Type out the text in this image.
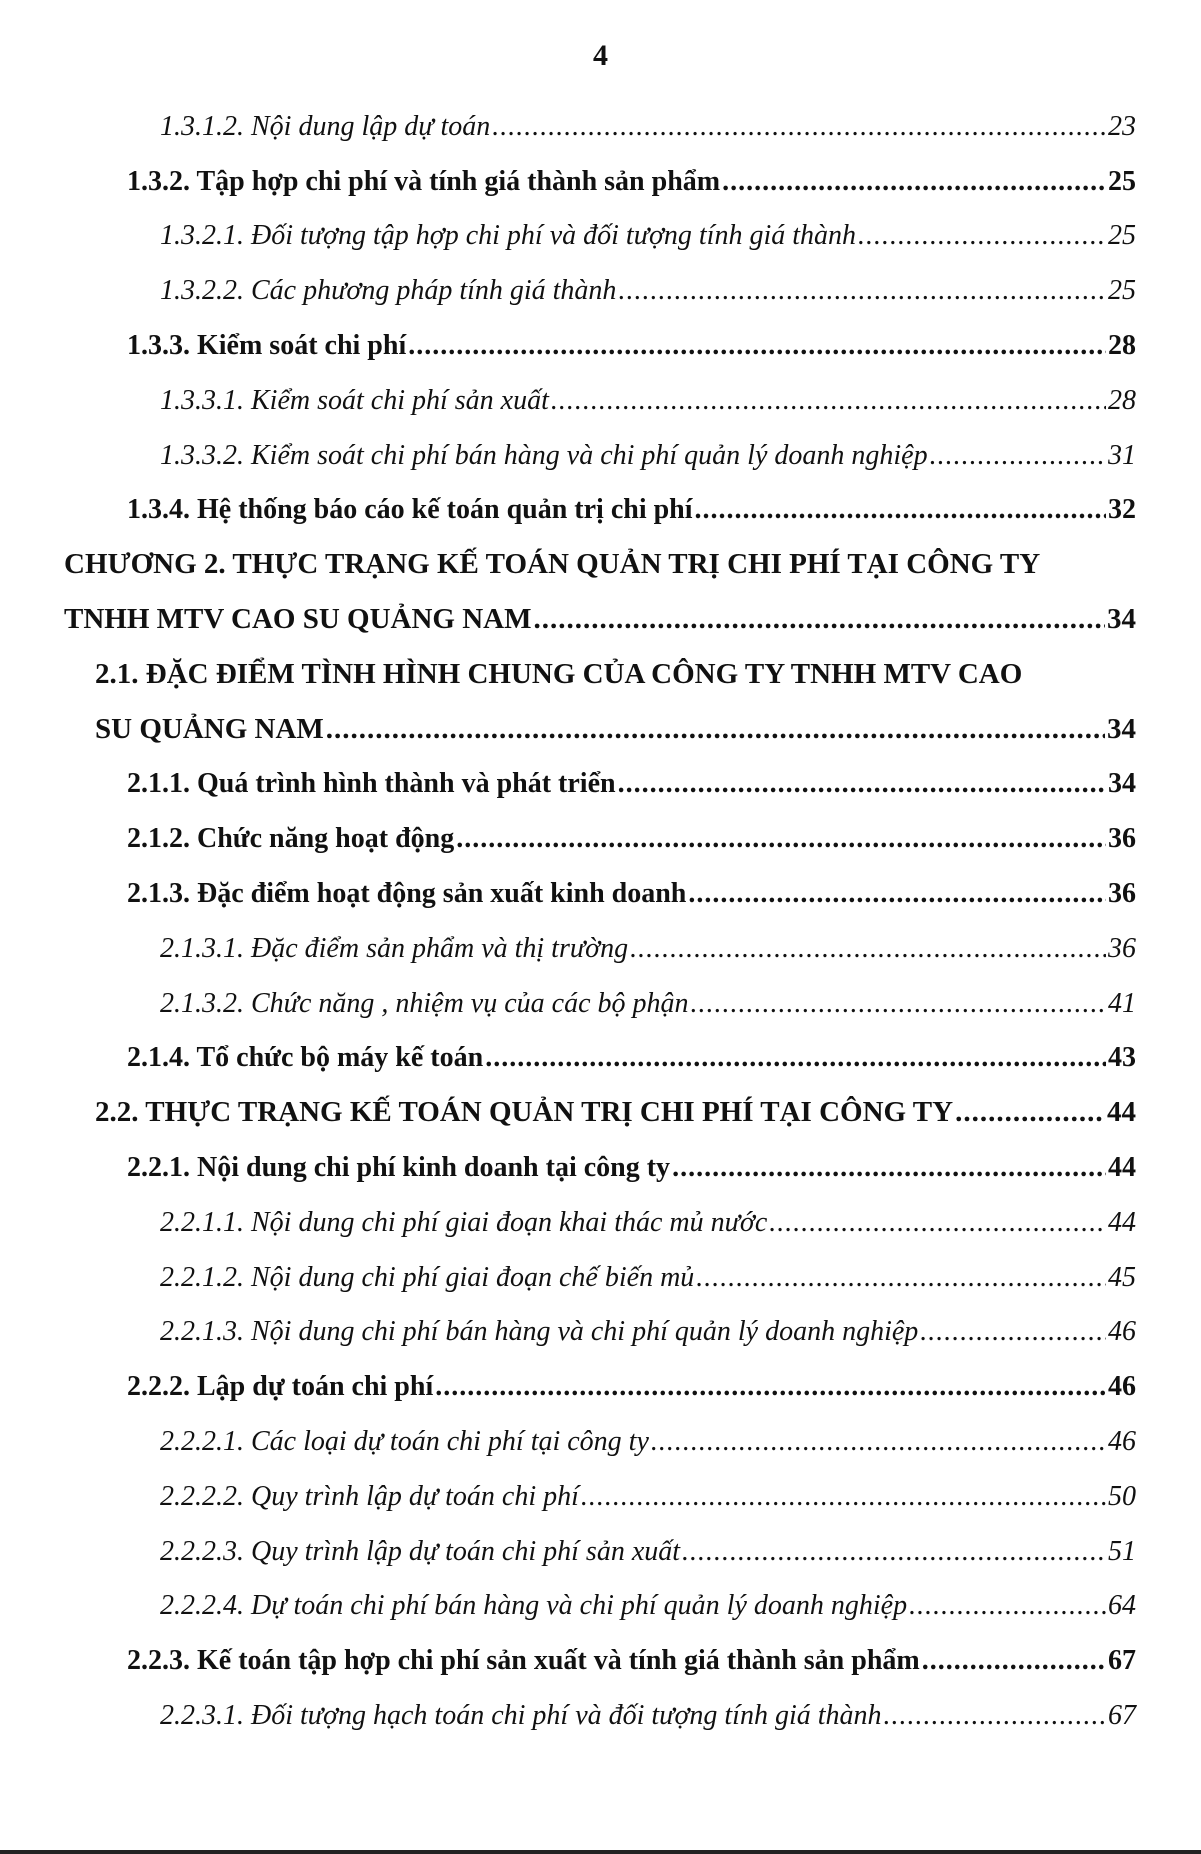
4
1.3.1.2. Nội dung lập dự toán .....	23
1.3.2. Tập hợp chi phí và tính giá thành sản phẩm .....	25
1.3.2.1. Đối tượng tập hợp chi phí và đối tượng tính giá thành .....	25
1.3.2.2. Các phương pháp tính giá thành .....	25
1.3.3. Kiểm soát chi phí .....	28
1.3.3.1. Kiểm soát chi phí sản xuất .....	28
1.3.3.2. Kiểm soát chi phí bán hàng và chi phí quản lý doanh nghiệp .....	31
1.3.4. Hệ thống báo cáo kế toán quản trị chi phí .....	32
CHƯƠNG 2. THỰC TRẠNG KẾ TOÁN QUẢN TRỊ CHI PHÍ TẠI CÔNG TY
TNHH MTV CAO SU QUẢNG NAM .....	34
2.1. ĐẶC ĐIỂM TÌNH HÌNH CHUNG CỦA CÔNG TY TNHH MTV CAO
SU QUẢNG NAM .....	34
2.1.1. Quá trình hình thành và phát triển .....	34
2.1.2. Chức năng hoạt động .....	36
2.1.3. Đặc điểm hoạt động sản xuất kinh doanh .....	36
2.1.3.1. Đặc điểm sản phẩm và thị trường .....	36
2.1.3.2. Chức năng , nhiệm vụ của các bộ phận .....	41
2.1.4. Tổ chức bộ máy kế toán .....	43
2.2. THỰC TRẠNG KẾ TOÁN QUẢN TRỊ CHI PHÍ TẠI CÔNG TY .....	44
2.2.1. Nội dung chi phí kinh doanh tại công ty .....	44
2.2.1.1. Nội dung chi phí giai đoạn khai thác mủ nước .....	44
2.2.1.2. Nội dung chi phí giai đoạn chế biến mủ .....	45
2.2.1.3. Nội dung chi phí bán hàng và chi phí quản lý doanh nghiệp .....	46
2.2.2. Lập dự toán chi phí .....	46
2.2.2.1. Các loại dự toán chi phí tại công ty .....	46
2.2.2.2. Quy trình lập dự toán chi phí .....	50
2.2.2.3. Quy trình lập dự toán chi phí sản xuất .....	51
2.2.2.4. Dự toán chi phí bán hàng và chi phí quản lý doanh nghiệp .....	64
2.2.3. Kế toán tập hợp chi phí sản xuất và tính giá thành sản phẩm .....	67
2.2.3.1. Đối tượng hạch toán chi phí và đối tượng tính giá thành .....	67
